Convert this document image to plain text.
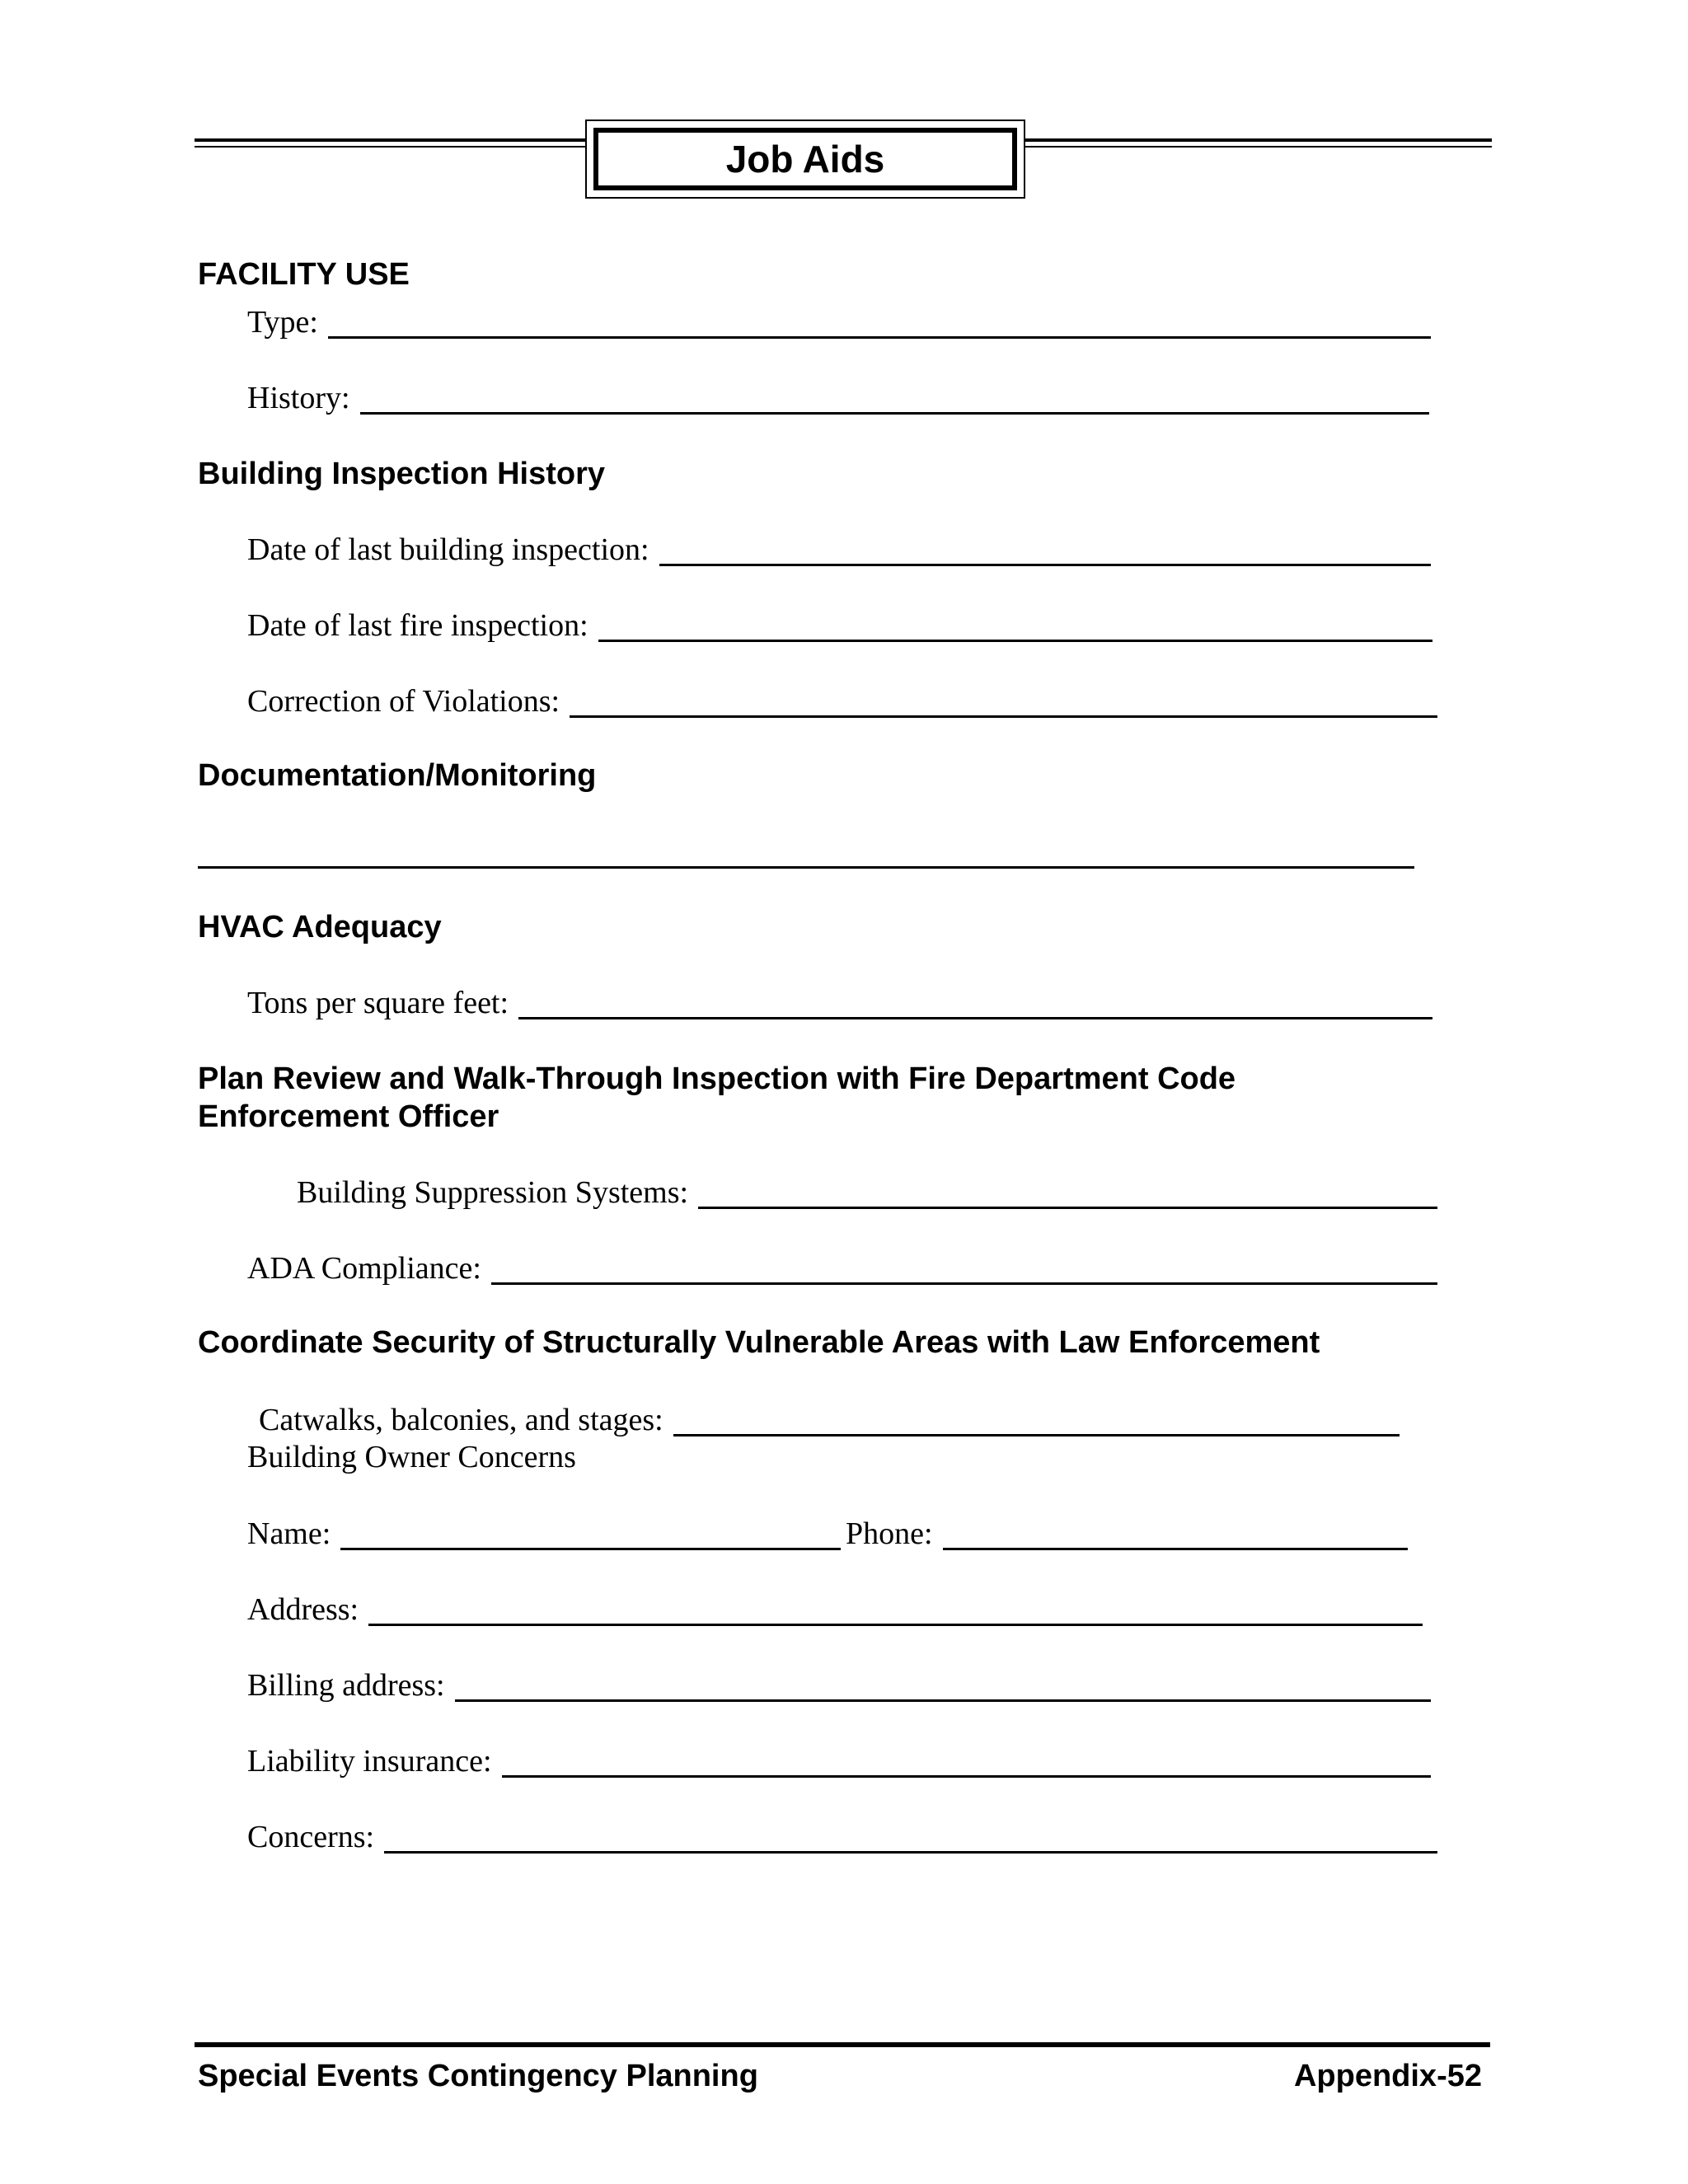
Job Aids
FACILITY USE
Type:
History:
Building Inspection History
Date of last building inspection:
Date of last fire inspection:
Correction of Violations:
Documentation/Monitoring
HVAC Adequacy
Tons per square feet:
Plan Review and Walk-Through Inspection with Fire Department Code
Enforcement Officer
Building Suppression Systems:
ADA Compliance:
Coordinate Security of Structurally Vulnerable Areas with Law Enforcement
Catwalks, balconies, and stages:
Building Owner Concerns
Name:	Phone:
Address:
Billing address:
Liability insurance:
Concerns:
Special Events Contingency Planning	Appendix-52
